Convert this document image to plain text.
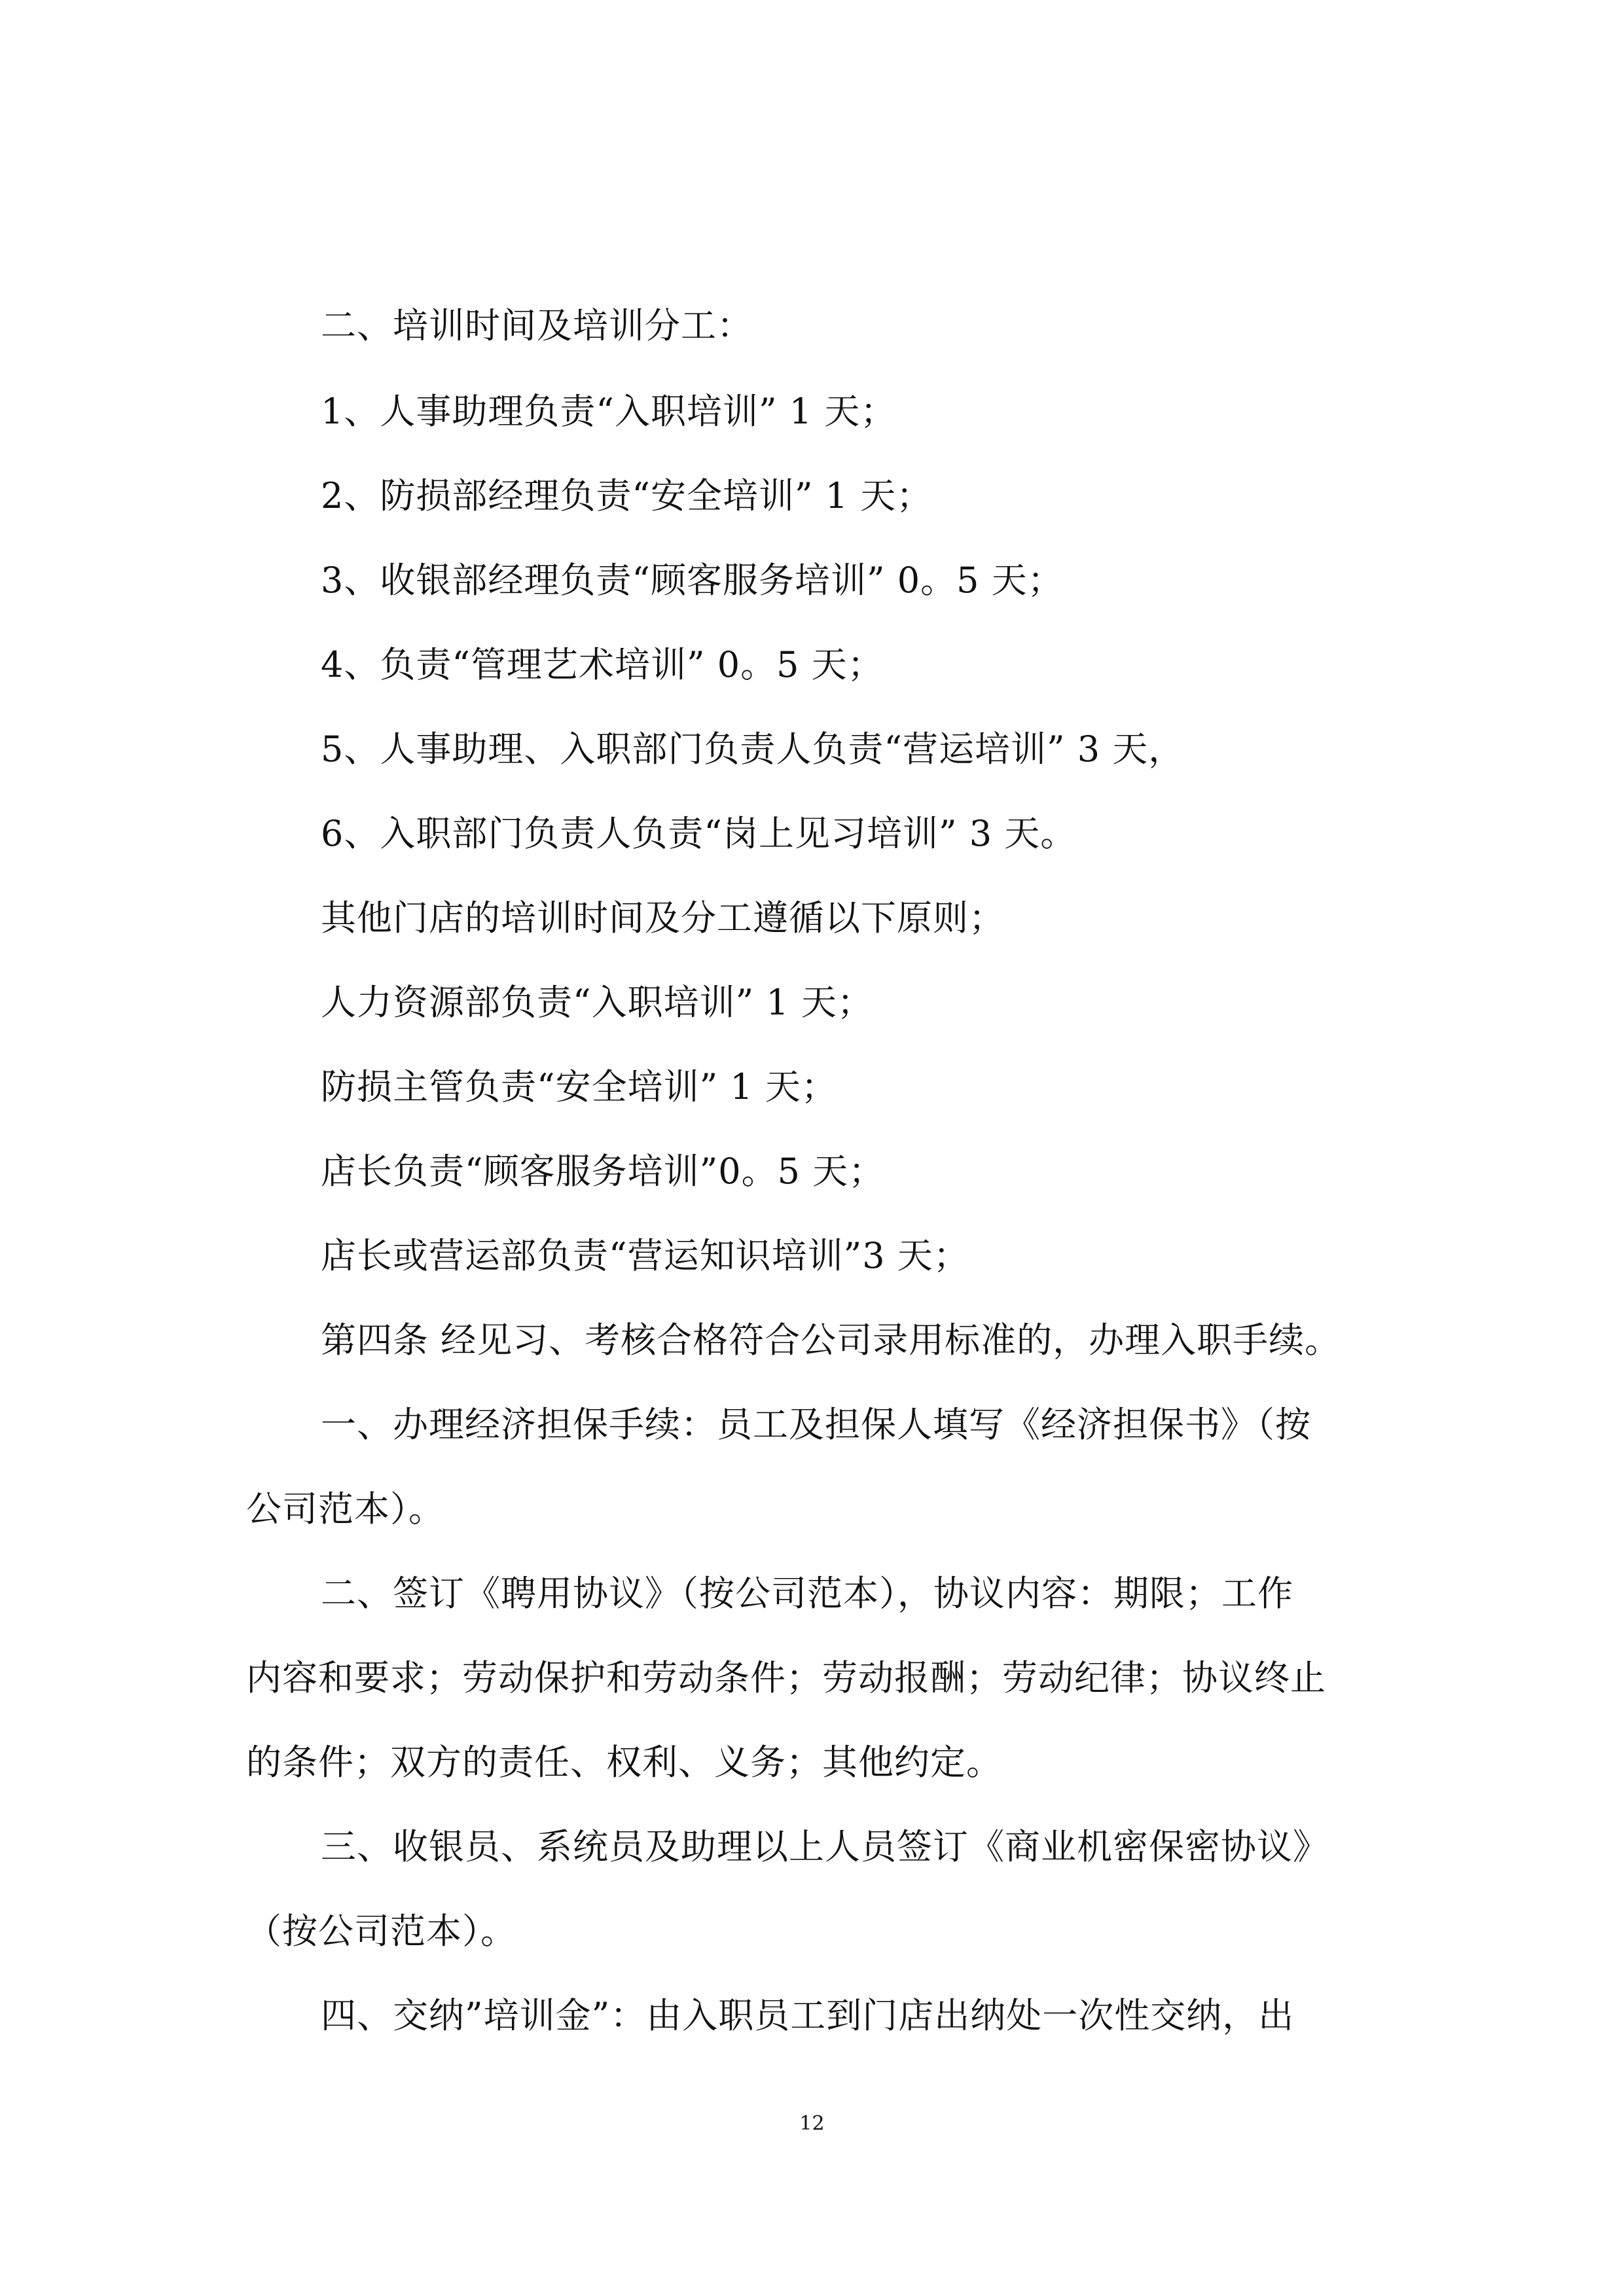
二、培训时间及培训分工：
1、人事助理负责“入职培训” 1 天；
2、防损部经理负责“安全培训” 1 天；
3、收银部经理负责“顾客服务培训” 0。5 天；
4、负责“管理艺术培训” 0。5 天；
5、人事助理、入职部门负责人负责“营运培训” 3 天，
6、入职部门负责人负责“岗上见习培训” 3 天。
其他门店的培训时间及分工遵循以下原则；
人力资源部负责“入职培训” 1 天；
防损主管负责“安全培训” 1 天；
店长负责“顾客服务培训”0。5 天；
店长或营运部负责“营运知识培训”3 天；
第四条 经见习、考核合格符合公司录用标准的，办理入职手续。
一、办理经济担保手续：员工及担保人填写《经济担保书》（按
公司范本）。
二、签订《聘用协议》（按公司范本），协议内容：期限；工作
内容和要求；劳动保护和劳动条件；劳动报酬；劳动纪律；协议终止
的条件；双方的责任、权利、义务；其他约定。
三、收银员、系统员及助理以上人员签订《商业机密保密协议》
（按公司范本）。
四、交纳”培训金”：由入职员工到门店出纳处一次性交纳，出
12
